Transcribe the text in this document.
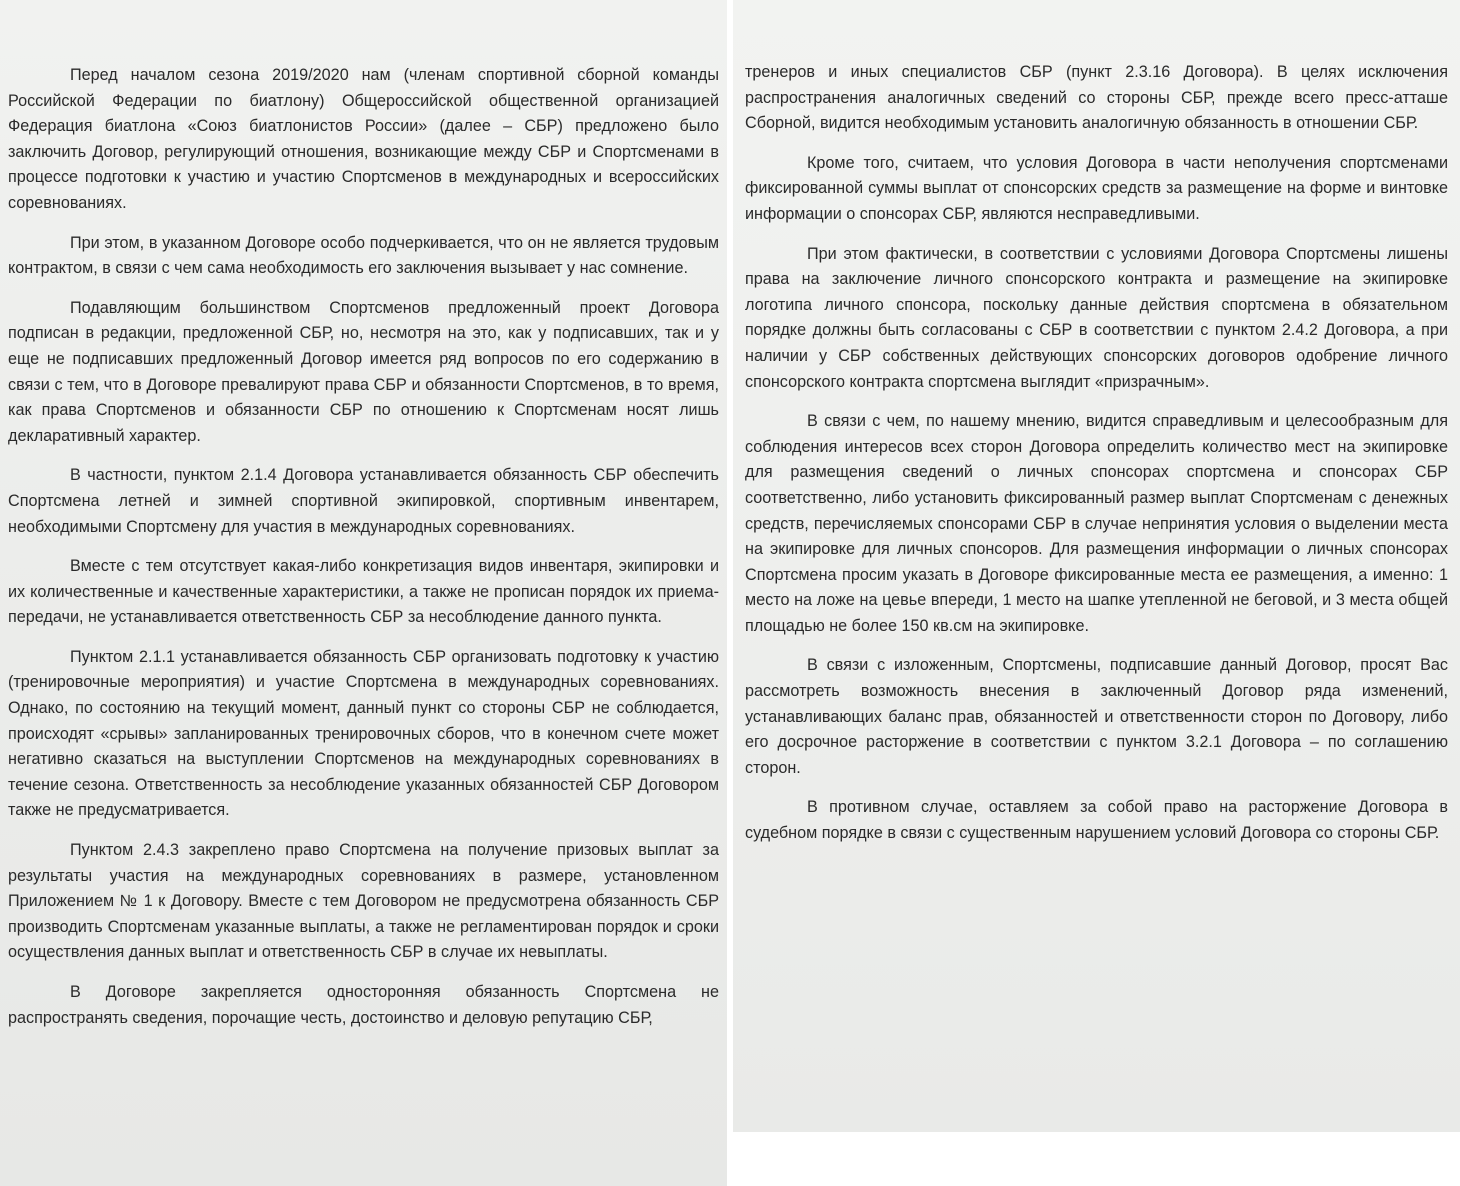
Перед началом сезона 2019/2020 нам (членам спортивной сборной команды Российской Федерации по биатлону) Общероссийской общественной организацией Федерация биатлона «Союз биатлонистов России» (далее – СБР) предложено было заключить Договор, регулирующий отношения, возникающие между СБР и Спортсменами в процессе подготовки к участию и участию Спортсменов в международных и всероссийских соревнованиях.

При этом, в указанном Договоре особо подчеркивается, что он не является трудовым контрактом, в связи с чем сама необходимость его заключения вызывает у нас сомнение.

Подавляющим большинством Спортсменов предложенный проект Договора подписан в редакции, предложенной СБР, но, несмотря на это, как у подписавших, так и у еще не подписавших предложенный Договор имеется ряд вопросов по его содержанию в связи с тем, что в Договоре превалируют права СБР и обязанности Спортсменов, в то время, как права Спортсменов и обязанности СБР по отношению к Спортсменам носят лишь декларативный характер.

В частности, пунктом 2.1.4 Договора устанавливается обязанность СБР обеспечить Спортсмена летней и зимней спортивной экипировкой, спортивным инвентарем, необходимыми Спортсмену для участия в международных соревнованиях.

Вместе с тем отсутствует какая-либо конкретизация видов инвентаря, экипировки и их количественные и качественные характеристики, а также не прописан порядок их приема-передачи, не устанавливается ответственность СБР за несоблюдение данного пункта.

Пунктом 2.1.1 устанавливается обязанность СБР организовать подготовку к участию (тренировочные мероприятия) и участие Спортсмена в международных соревнованиях. Однако, по состоянию на текущий момент, данный пункт со стороны СБР не соблюдается, происходят «срывы» запланированных тренировочных сборов, что в конечном счете может негативно сказаться на выступлении Спортсменов на международных соревнованиях в течение сезона. Ответственность за несоблюдение указанных обязанностей СБР Договором также не предусматривается.

Пунктом 2.4.3 закреплено право Спортсмена на получение призовых выплат за результаты участия на международных соревнованиях в размере, установленном Приложением № 1 к Договору. Вместе с тем Договором не предусмотрена обязанность СБР производить Спортсменам указанные выплаты, а также не регламентирован порядок и сроки осуществления данных выплат и ответственность СБР в случае их невыплаты.

В Договоре закрепляется односторонняя обязанность Спортсмена не распространять сведения, порочащие честь, достоинство и деловую репутацию СБР,

тренеров и иных специалистов СБР (пункт 2.3.16 Договора). В целях исключения распространения аналогичных сведений со стороны СБР, прежде всего пресс-атташе Сборной, видится необходимым установить аналогичную обязанность в отношении СБР.

Кроме того, считаем, что условия Договора в части неполучения спортсменами фиксированной суммы выплат от спонсорских средств за размещение на форме и винтовке информации о спонсорах СБР, являются несправедливыми.

При этом фактически, в соответствии с условиями Договора Спортсмены лишены права на заключение личного спонсорского контракта и размещение на экипировке логотипа личного спонсора, поскольку данные действия спортсмена в обязательном порядке должны быть согласованы с СБР в соответствии с пунктом 2.4.2 Договора, а при наличии у СБР собственных действующих спонсорских договоров одобрение личного спонсорского контракта спортсмена выглядит «призрачным».

В связи с чем, по нашему мнению, видится справедливым и целесообразным для соблюдения интересов всех сторон Договора определить количество мест на экипировке для размещения сведений о личных спонсорах спортсмена и спонсорах СБР соответственно, либо установить фиксированный размер выплат Спортсменам с денежных средств, перечисляемых спонсорами СБР в случае непринятия условия о выделении места на экипировке для личных спонсоров. Для размещения информации о личных спонсорах Спортсмена просим указать в Договоре фиксированные места ее размещения, а именно: 1 место на ложе на цевье впереди, 1 место на шапке утепленной не беговой, и 3 места общей площадью не более 150 кв.см на экипировке.

В связи с изложенным, Спортсмены, подписавшие данный Договор, просят Вас рассмотреть возможность внесения в заключенный Договор ряда изменений, устанавливающих баланс прав, обязанностей и ответственности сторон по Договору, либо его досрочное расторжение в соответствии с пунктом 3.2.1 Договора – по соглашению сторон.

В противном случае, оставляем за собой право на расторжение Договора в судебном порядке в связи с существенным нарушением условий Договора со стороны СБР.
